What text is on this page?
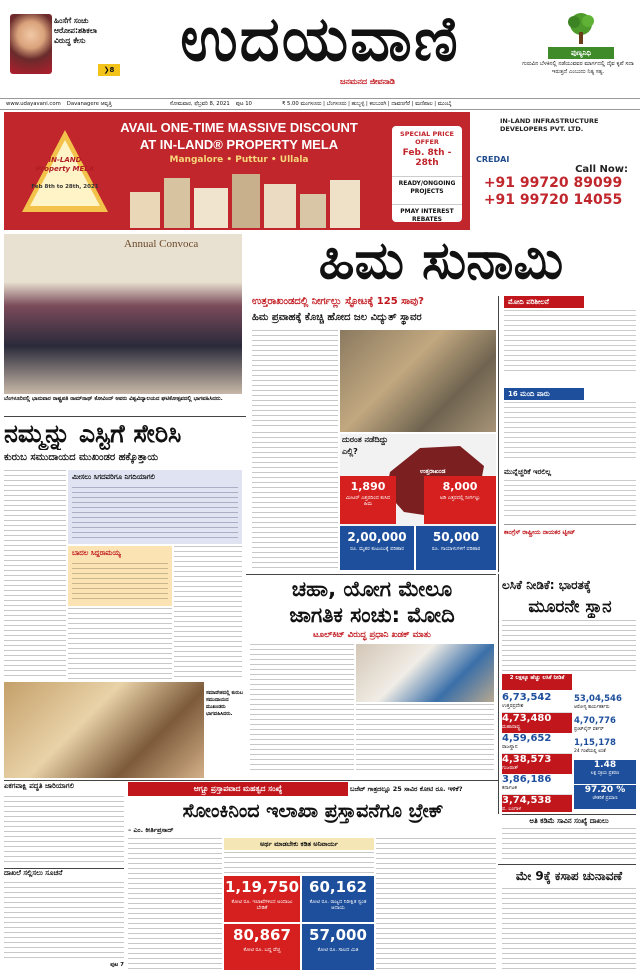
ಹಿಂಸೆಗೆ ಸಂಚು
ಆರೋಪ:ಶಶಿಕಲಾ
ವಿರುದ್ಧ ಕೇಸು
❯8	ಉದಯವಾಣಿ
ಜನಮನದ ಜೀವನಾಡಿ
ಪುಣ್ಯನಿಧಿ
ಗುರುವಿನ ಬೆಳಕಿನಲ್ಲಿ ನಡೆಯುವವರ ಮಾರ್ಗದಲ್ಲಿ ದೈವ ಕೃಪೆ ಸದಾ ಇರುತ್ತದೆ ಎಂಬುದು ನಿತ್ಯ ಸತ್ಯ.
www.udayavani.com Davanagere ಆವೃತ್ತಿ	ಸೋಮವಾರ, ಫೆಬ್ರವರಿ 8, 2021 ಪುಟ 10	₹ 5.00 ಮಂಗಳೂರು | ಬೆಂಗಳೂರು | ಹುಬ್ಬಳ್ಳಿ | ಕಲಬುರಗಿ | ದಾವಣಗೆರೆ | ಮಣಿಪಾಲ | ಮುಂಬೈ
IN-LAND Property MELA
Feb 8th to 28th, 2021
AVAIL ONE-TIME MASSIVE DISCOUNT
AT IN-LAND® PROPERTY MELA
Mangalore • Puttur • Ullala
SPECIAL PRICE OFFER
Feb. 8th - 28th
READY/ONGOING PROJECTS
PMAY INTEREST REBATES
IN-LAND INFRASTRUCTURE DEVELOPERS PVT. LTD.
CREDAI
Call Now:
+91 99720 89099
+91 99720 14055
Annual Convoca
ಬೆಂಗಳೂರಿನಲ್ಲಿ ಭಾನುವಾರ ರಾಷ್ಟ್ರಪತಿ ರಾಮ್‌ನಾಥ್ ಕೋವಿಂದ್ ಅವರು ವಿಶ್ವವಿದ್ಯಾಲಯದ ಘಟಿಕೋತ್ಸವದಲ್ಲಿ ಭಾಗವಹಿಸಿದರು.
ಹಿಮ ಸುನಾಮಿ
ಉತ್ತರಾಖಂಡದಲ್ಲಿ ನೀರ್ಗಲ್ಲು ಸ್ಫೋಟಕ್ಕೆ 125 ಸಾವು?
ಹಿಮ ಪ್ರವಾಹಕ್ಕೆ ಕೊಚ್ಚಿ ಹೋದ ಜಲ ವಿದ್ಯುತ್ ಸ್ಥಾವರ
ದುರಂತ ನಡೆದಿದ್ದು ಎಲ್ಲಿ?
ಉತ್ತರಾಖಂಡ
1,890
ಮೀಟರ್ ಎತ್ತರದಿಂದ ಕುಸಿದ ಹಿಮ
8,000
ಅಡಿ ಎತ್ತರದಲ್ಲಿ ನೀರ್ಗಲ್ಲು
2,00,000
ರೂ. ಮೃತರ ಕುಟುಂಬಕ್ಕೆ ಪರಿಹಾರ
50,000
ರೂ. ಗಾಯಾಳುಗಳಿಗೆ ಪರಿಹಾರ
ಮೋದಿ ಪರಿಶೀಲನೆ
16 ಮಂದಿ ಪಾರು
ಮುನ್ನೆಚ್ಚರಿಕೆ ಇರಲಿಲ್ಲ
ಕಾಂಗ್ರೆಸ್ ರಾಷ್ಟ್ರೀಯ ನಾಯಕರ ಟ್ವೀಟ್
ನಮ್ಮನ್ನು ಎಸ್ಟಿಗೆ ಸೇರಿಸಿ
ಕುರುಬ ಸಮುದಾಯದ ಮುಖಂಡರ ಹಕ್ಕೊತ್ತಾಯ
ಮೀಸಲು ಸಿಗದವರಿಗೂ ನಿಗದಿಯಾಗಲಿ
ಬಾದಲ ಸಿದ್ದರಾಮಯ್ಯ
ಸಮಾವೇಶದಲ್ಲಿ ಕುರುಬ ಸಮುದಾಯದ ಮುಖಂಡರು ಭಾಗವಹಿಸಿದರು.
ಚಹಾ, ಯೋಗ ಮೇಲೂ
ಜಾಗತಿಕ ಸಂಚು: ಮೋದಿ
ಟೂಲ್‌ಕಿಟ್ ವಿರುದ್ಧ ಪ್ರಧಾನಿ ಖಡಕ್ ಮಾತು
ಲಸಿಕೆ ನೀಡಿಕೆ: ಭಾರತಕ್ಕೆ
ಮೂರನೇ ಸ್ಥಾನ
2 ಲಕ್ಷಕ್ಕೂ ಹೆಚ್ಚು ಲಸಿಕೆ ನೀಡಿಕೆ
6,73,542
ಉತ್ತರಪ್ರದೇಶ
4,73,480
ಮಹಾರಾಷ್ಟ್ರ
4,59,652
ರಾಜಸ್ಥಾನ
4,38,573
ಗುಜರಾತ್
3,86,186
ಕರ್ನಾಟಕ
3,74,538
ಪ. ಬಂಗಾಳ
53,04,546
ಆರೋಗ್ಯ ಕಾರ್ಯಕರ್ತರು
4,70,776
ಫ್ರಂಟ್‌ಲೈನ್ ವರ್ಕರ್
1,15,178
24 ಗಂಟೆಯಲ್ಲಿ ಲಸಿಕೆ
1.48
ಲಕ್ಷ ಸಕ್ರಿಯ ಪ್ರಕರಣ
97.20 %
ಚೇತರಿಕೆ ಪ್ರಮಾಣ
ಅತಿ ಕಡಿಮೆ ಸಾವಿನ ಸಂಖ್ಯೆ ದಾಖಲು
ಆಗ್ಟ್ರೂ ಪ್ರಸ್ತಾಪವಾದ ಮಹತ್ವದ ಸಂಖ್ಯೆ	ಬಜೆಟ್ ಗಾತ್ರದಲ್ಲೂ 25 ಸಾವಿರ ಕೋಟಿ ರೂ. ಇಳಿಕೆ?
ಸೋಂಕಿನಿಂದ ಇಲಾಖಾ ಪ್ರಸ್ತಾವನೆಗೂ ಬ್ರೇಕ್
– ಎಂ. ಕೀರ್ತಿಪ್ರಸಾದ್
ಏಕಗವಾಕ್ಷಿ ಪದ್ಧತಿ ಜಾರಿಯಾಗಲಿ
ದಾಖಲೆ ಸಲ್ಲಿಸಲು ಸೂಚನೆ
ಪುಟ 7
ಅರ್ಥ ಮಾಡಬೇಕು ಕಡಿತ ಅನಿವಾರ್ಯ
1,19,750
ಕೋಟಿ ರೂ. ಇಲಾಖೆಗಳಿಂದ ಅಂದಾಜು ಬೇಡಿಕೆ
60,162
ಕೋಟಿ ರೂ. ರಾಜ್ಯದ ನಿರೀಕ್ಷಿತ ಸ್ವಂತ ಆದಾಯ
80,867
ಕೋಟಿ ರೂ. ಬದ್ಧ ವೆಚ್ಚ
57,000
ಕೋಟಿ ರೂ. ಸಾಲದ ಮಿತಿ
ಮೇ 9ಕ್ಕೆ ಕಸಾಪ ಚುನಾವಣೆ
